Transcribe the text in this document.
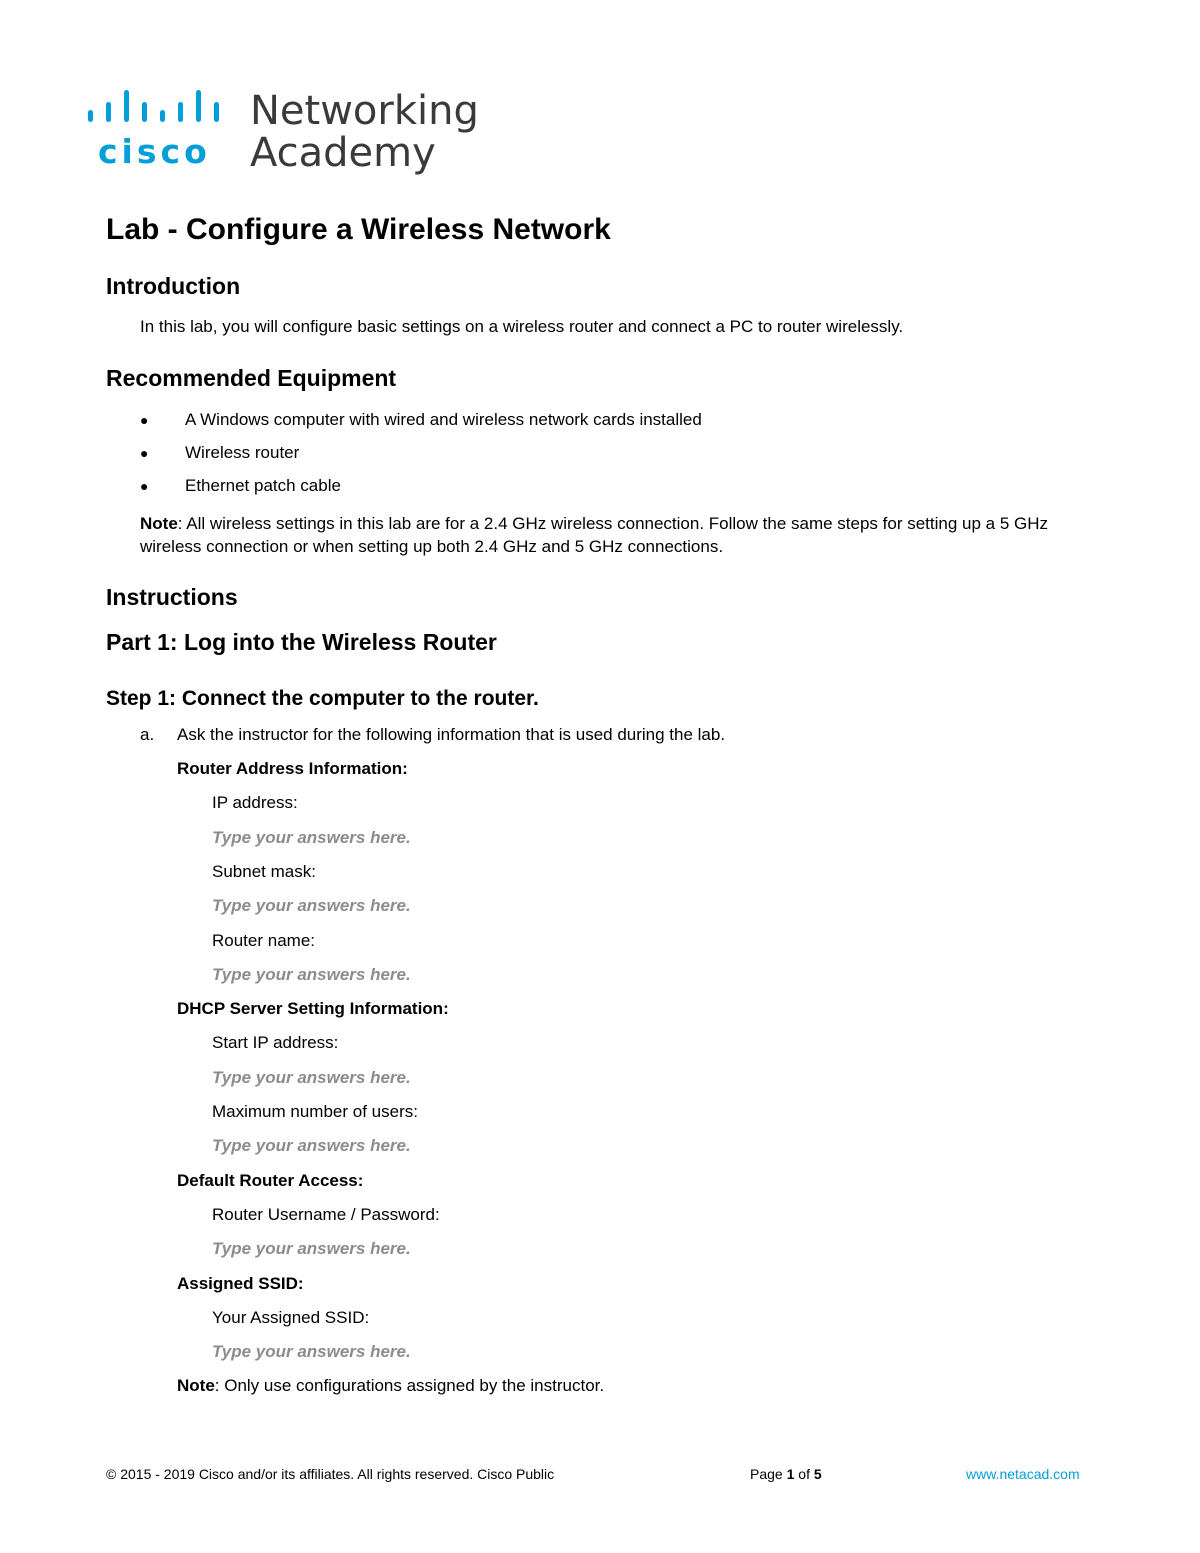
cisco
Networking
Academy
Lab - Configure a Wireless Network
Introduction
In this lab, you will configure basic settings on a wireless router and connect a PC to router wirelessly.
Recommended Equipment
● A Windows computer with wired and wireless network cards installed
● Wireless router
● Ethernet patch cable
Note: All wireless settings in this lab are for a 2.4 GHz wireless connection. Follow the same steps for setting up a 5 GHz wireless connection or when setting up both 2.4 GHz and 5 GHz connections.
Instructions
Part 1: Log into the Wireless Router
Step 1: Connect the computer to the router.
a. Ask the instructor for the following information that is used during the lab.
Router Address Information:
IP address:
Type your answers here.
Subnet mask:
Type your answers here.
Router name:
Type your answers here.
DHCP Server Setting Information:
Start IP address:
Type your answers here.
Maximum number of users:
Type your answers here.
Default Router Access:
Router Username / Password:
Type your answers here.
Assigned SSID:
Your Assigned SSID:
Type your answers here.
Note: Only use configurations assigned by the instructor.
© 2015 - 2019 Cisco and/or its affiliates. All rights reserved. Cisco Public	Page 1 of 5	www.netacad.com
